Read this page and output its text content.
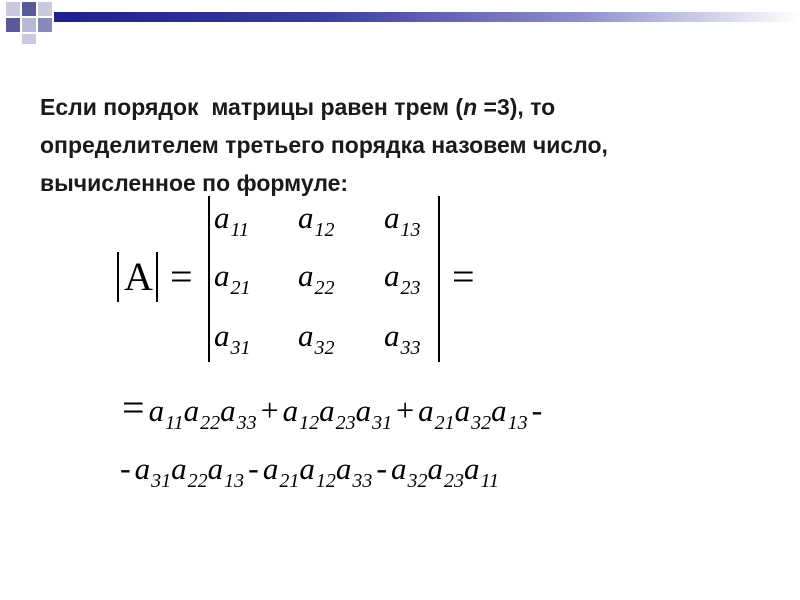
Если порядок  матрицы равен трем (n =3), то
определителем третьего порядка назовем число,
вычисленное по формуле:
A =	=
$a_{11}$ $a_{12}$ $a_{13}$
$a_{21}$ $a_{22}$ $a_{23}$
$a_{31}$ $a_{32}$ $a_{33}$
= $a_{11}a_{22}a_{33} + a_{12}a_{23}a_{31} + a_{21}a_{32}a_{13}$ -
- $a_{31}a_{22}a_{13} - a_{21}a_{12}a_{33} - a_{32}a_{23}a_{11}$
